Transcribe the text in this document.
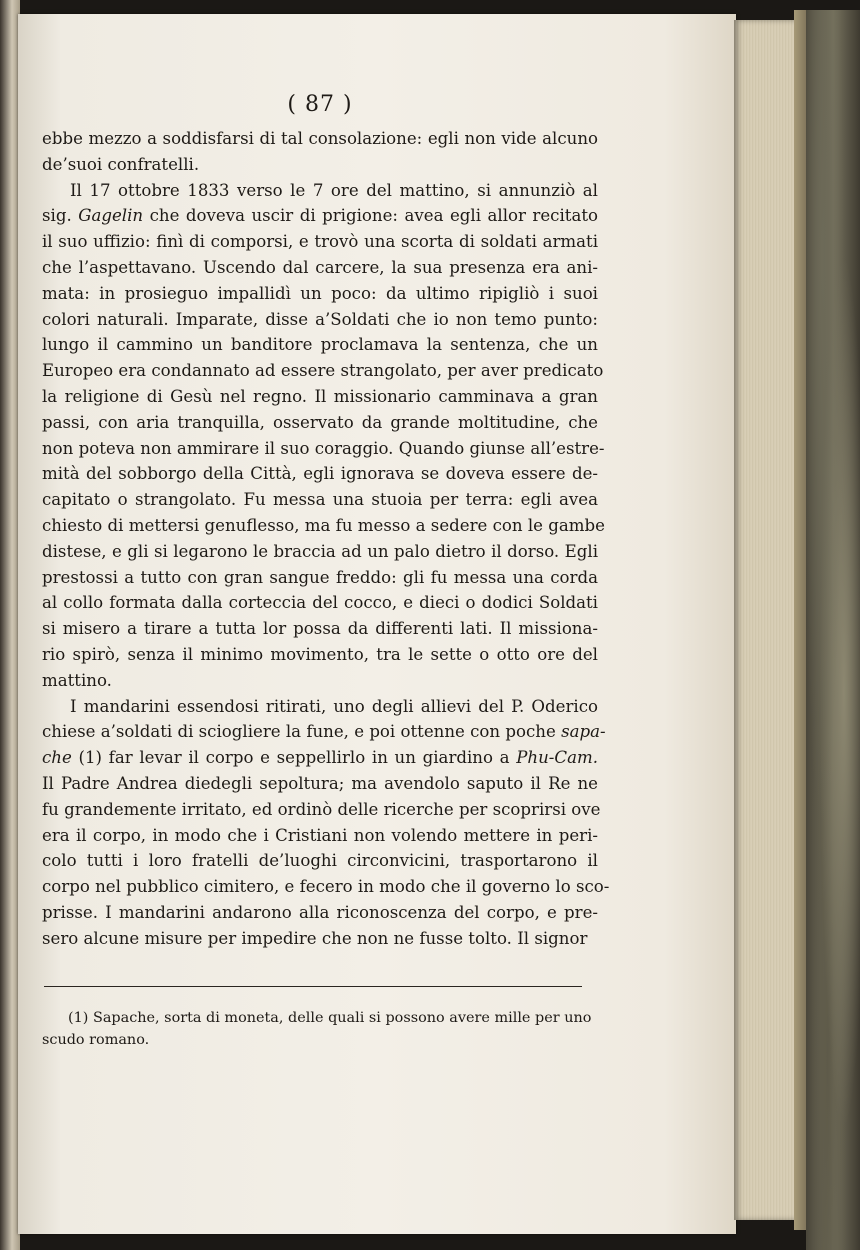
( 87 )

ebbe mezzo a soddisfarsi di tal consolazione: egli non vide alcuno
de’suoi confratelli.

Il 17 ottobre 1833 verso le 7 ore del mattino, si annunziò al
sig. Gagelin che doveva uscir di prigione: avea egli allor recitato
il suo uffizio: finì di comporsi, e trovò una scorta di soldati armati
che l’aspettavano. Uscendo dal carcere, la sua presenza era ani-
mata: in prosieguo impallidì un poco: da ultimo ripigliò i suoi
colori naturali. Imparate, disse a’Soldati che io non temo punto:
lungo il cammino un banditore proclamava la sentenza, che un
Europeo era condannato ad essere strangolato, per aver predicato
la religione di Gesù nel regno. Il missionario camminava a gran
passi, con aria tranquilla, osservato da grande moltitudine, che
non poteva non ammirare il suo coraggio. Quando giunse all’estre-
mità del sobborgo della Città, egli ignorava se doveva essere de-
capitato o strangolato. Fu messa una stuoia per terra: egli avea
chiesto di mettersi genuflesso, ma fu messo a sedere con le gambe
distese, e gli si legarono le braccia ad un palo dietro il dorso. Egli
prestossi a tutto con gran sangue freddo: gli fu messa una corda
al collo formata dalla corteccia del cocco, e dieci o dodici Soldati
si misero a tirare a tutta lor possa da differenti lati. Il missiona-
rio spirò, senza il minimo movimento, tra le sette o otto ore del
mattino.

I mandarini essendosi ritirati, uno degli allievi del P. Oderico
chiese a’soldati di sciogliere la fune, e poi ottenne con poche sapa-
che (1) far levar il corpo e seppellirlo in un giardino a Phu-Cam.
Il Padre Andrea diedegli sepoltura; ma avendolo saputo il Re ne
fu grandemente irritato, ed ordinò delle ricerche per scoprirsi ove
era il corpo, in modo che i Cristiani non volendo mettere in peri-
colo tutti i loro fratelli de’luoghi circonvicini, trasportarono il
corpo nel pubblico cimitero, e fecero in modo che il governo lo sco-
prisse. I mandarini andarono alla riconoscenza del corpo, e pre-
sero alcune misure per impedire che non ne fusse tolto. Il signor

(1) Sapache, sorta di moneta, delle quali si possono avere mille per uno
scudo romano.
